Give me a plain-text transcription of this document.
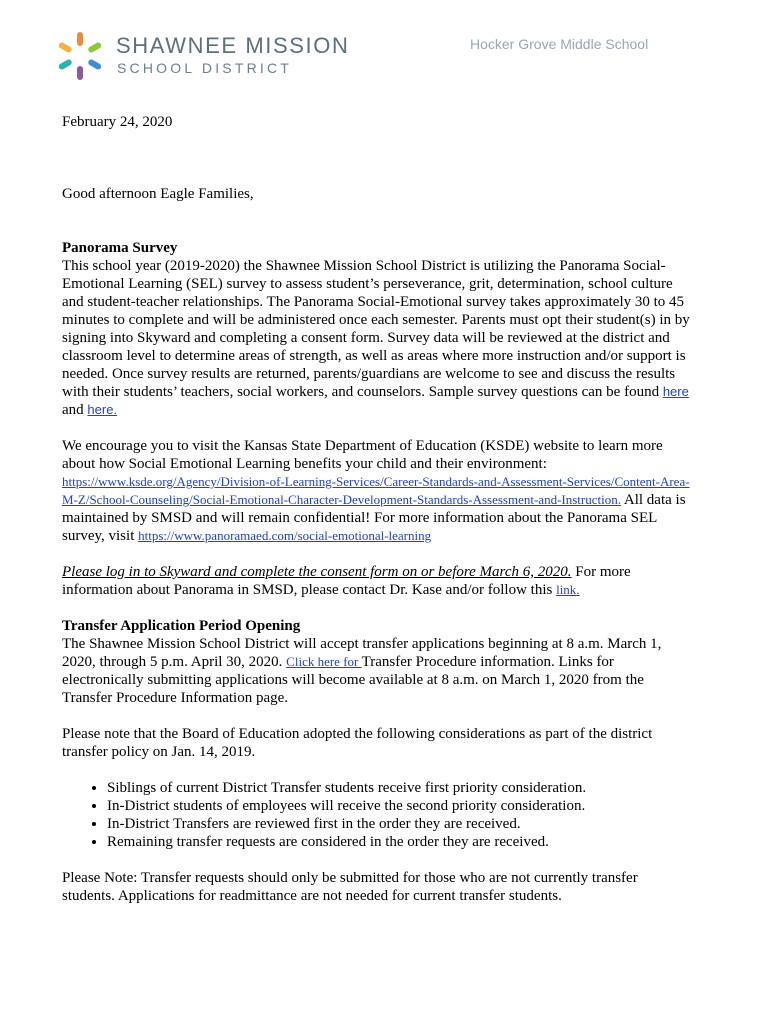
SHAWNEE MISSION
SCHOOL DISTRICT
Hocker Grove Middle School

February 24, 2020

Good afternoon Eagle Families,

Panorama Survey

This school year (2019-2020) the Shawnee Mission School District is utilizing the Panorama Social-Emotional Learning (SEL) survey to assess student’s perseverance, grit, determination, school culture and student-teacher relationships. The Panorama Social-Emotional survey takes approximately 30 to 45 minutes to complete and will be administered once each semester. Parents must opt their student(s) in by signing into Skyward and completing a consent form. Survey data will be reviewed at the district and classroom level to determine areas of strength, as well as areas where more instruction and/or support is needed. Once survey results are returned, parents/guardians are welcome to see and discuss the results with their students’ teachers, social workers, and counselors. Sample survey questions can be found here and here.

We encourage you to visit the Kansas State Department of Education (KSDE) website to learn more about how Social Emotional Learning benefits your child and their environment: https://www.ksde.org/Agency/Division-of-Learning-Services/Career-Standards-and-Assessment-Services/Content-Area-M-Z/School-Counseling/Social-Emotional-Character-Development-Standards-Assessment-and-Instruction. All data is maintained by SMSD and will remain confidential! For more information about the Panorama SEL survey, visit https://www.panoramaed.com/social-emotional-learning

Please log in to Skyward and complete the consent form on or before March 6, 2020. For more information about Panorama in SMSD, please contact Dr. Kase and/or follow this link.

Transfer Application Period Opening

The Shawnee Mission School District will accept transfer applications beginning at 8 a.m. March 1, 2020, through 5 p.m. April 30, 2020. Click here for Transfer Procedure information. Links for electronically submitting applications will become available at 8 a.m. on March 1, 2020 from the Transfer Procedure Information page.

Please note that the Board of Education adopted the following considerations as part of the district transfer policy on Jan. 14, 2019.

• Siblings of current District Transfer students receive first priority consideration.
• In-District students of employees will receive the second priority consideration.
• In-District Transfers are reviewed first in the order they are received.
• Remaining transfer requests are considered in the order they are received.

Please Note: Transfer requests should only be submitted for those who are not currently transfer students. Applications for readmittance are not needed for current transfer students.
